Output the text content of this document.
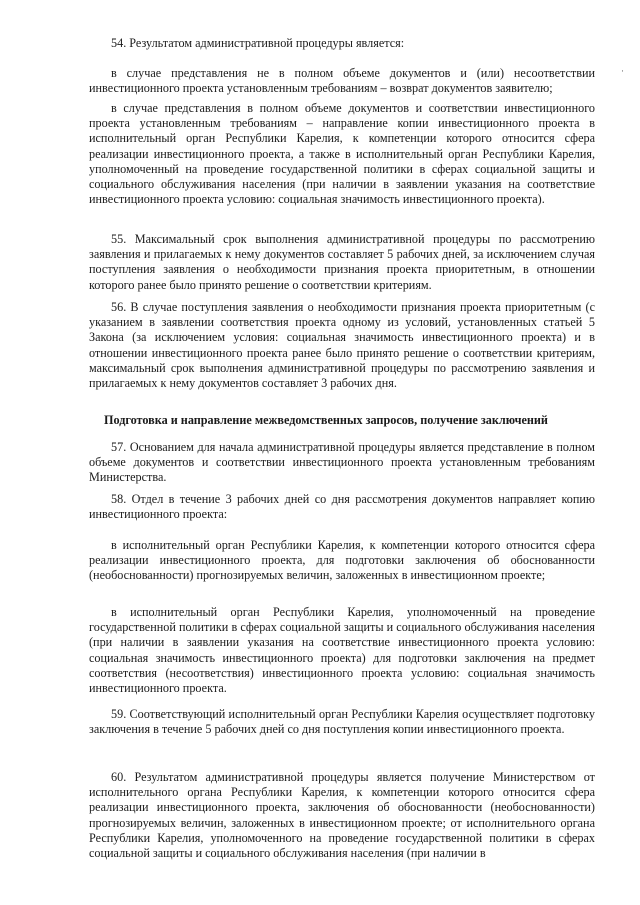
·

54. Результатом административной процедуры является:

в случае представления не в полном объеме документов и (или) несоответствии инвестиционного проекта установленным требованиям – возврат документов заявителю;

в случае представления в полном объеме документов и соответствии инвестиционного проекта установленным требованиям – направление копии инвестиционного проекта в исполнительный орган Республики Карелия, к компетенции которого относится сфера реализации инвестиционного проекта, а также в исполнительный орган Республики Карелия, уполномоченный на проведение государственной политики в сферах социальной защиты и социального обслуживания населения (при наличии в заявлении указания на соответствие инвестиционного проекта условию: социальная значимость инвестиционного проекта).

55. Максимальный срок выполнения административной процедуры по рассмотрению заявления и прилагаемых к нему документов составляет 5 рабочих дней, за исключением случая поступления заявления о необходимости признания проекта приоритетным, в отношении которого ранее было принято решение о соответствии критериям.

56. В случае поступления заявления о необходимости признания проекта приоритетным (с указанием в заявлении соответствия проекта одному из условий, установленных статьей 5 Закона (за исключением условия: социальная значимость инвестиционного проекта) и в отношении инвестиционного проекта ранее было принято решение о соответствии критериям, максимальный срок выполнения административной процедуры по рассмотрению заявления и прилагаемых к нему документов составляет 3 рабочих дня.

Подготовка и направление межведомственных запросов, получение заключений

57. Основанием для начала административной процедуры является представление в полном объеме документов и соответствии инвестиционного проекта установленным требованиям Министерства.

58. Отдел в течение 3 рабочих дней со дня рассмотрения документов направляет копию инвестиционного проекта:

в исполнительный орган Республики Карелия, к компетенции которого относится сфера реализации инвестиционного проекта, для подготовки заключения об обоснованности (необоснованности) прогнозируемых величин, заложенных в инвестиционном проекте;

в исполнительный орган Республики Карелия, уполномоченный на проведение государственной политики в сферах социальной защиты и социального обслуживания населения (при наличии в заявлении указания на соответствие инвестиционного проекта условию: социальная значимость инвестиционного проекта) для подготовки заключения на предмет соответствия (несоответствия) инвестиционного проекта условию: социальная значимость инвестиционного проекта.

59. Соответствующий исполнительный орган Республики Карелия осуществляет подготовку заключения в течение 5 рабочих дней со дня поступления копии инвестиционного проекта.

60. Результатом административной процедуры является получение Министерством от исполнительного органа Республики Карелия, к компетенции которого относится сфера реализации инвестиционного проекта, заключения об обоснованности (необоснованности) прогнозируемых величин, заложенных в инвестиционном проекте; от исполнительного органа Республики Карелия, уполномоченного на проведение государственной политики в сферах социальной защиты и социального обслуживания населения (при наличии в
